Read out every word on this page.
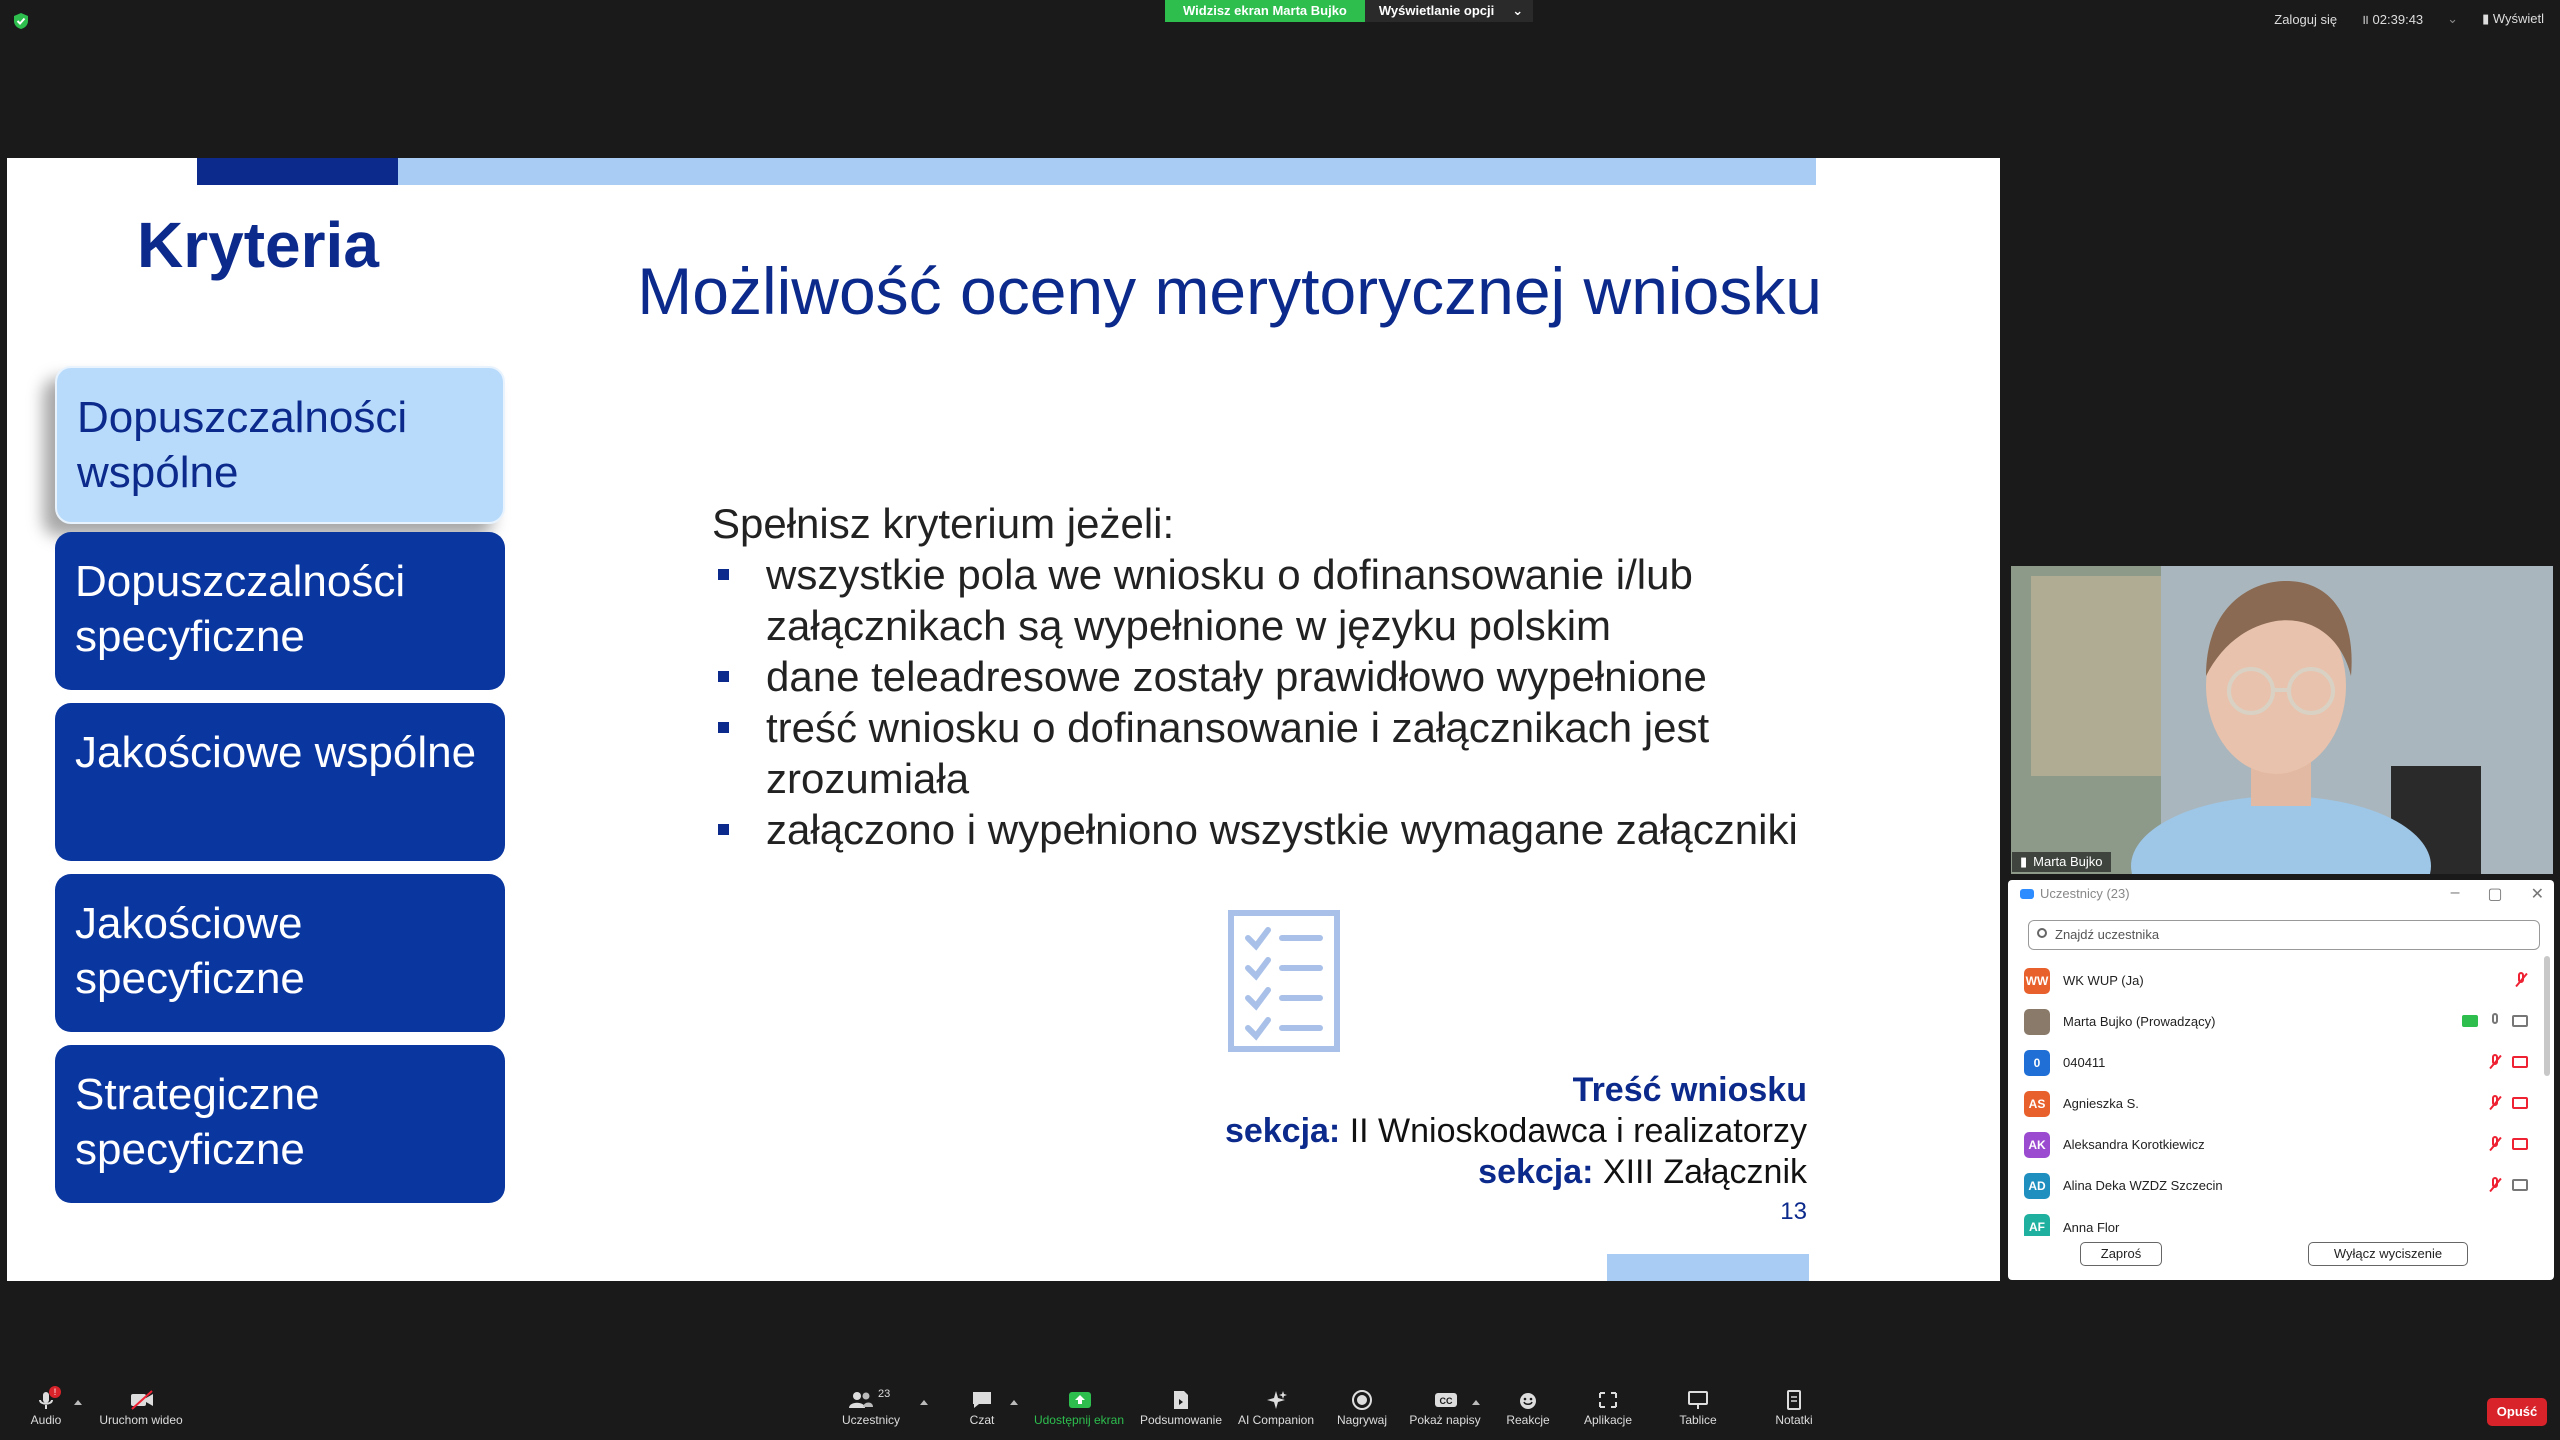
Widzisz ekran Marta Bujko	Wyświetlanie opcji ⌄
Zaloguj się ॥ 02:39:43 ⌄ ▮ Wyświetl
Kryteria
Możliwość oceny merytorycznej wniosku
Dopuszczalności wspólne
Dopuszczalności specyficzne
Jakościowe wspólne
Jakościowe specyficzne
Strategiczne specyficzne
Spełnisz kryterium jeżeli:
wszystkie pola we wniosku o dofinansowanie i/lub załącznikach są wypełnione w języku polskim
dane teleadresowe zostały prawidłowo wypełnione
treść wniosku o dofinansowanie i załącznikach jest zrozumiała
załączono i wypełniono wszystkie wymagane załączniki
Treść wniosku
sekcja: II Wnioskodawca i realizatorzy
sekcja: XIII Załącznik
13
▮ Marta Bujko
Uczestnicy (23)	– ▢ ✕
Znajdź uczestnika
WW WK WUP (Ja)
Marta Bujko (Prowadzący)
0	040411
AS	Agnieszka S.
AK	Aleksandra Korotkiewicz
AD	Alina Deka WZDZ Szczecin
AF	Anna Flor
Zaproś	Wyłącz wyciszenie
!
Audio	Uruchom wideo
23
Uczestnicy	Czat	Udostępnij ekran Podsumowanie AI Companion Nagrywaj
CC
Pokaż napisy	Reakcje	Aplikacje	Tablice	Notatki
Opuść
